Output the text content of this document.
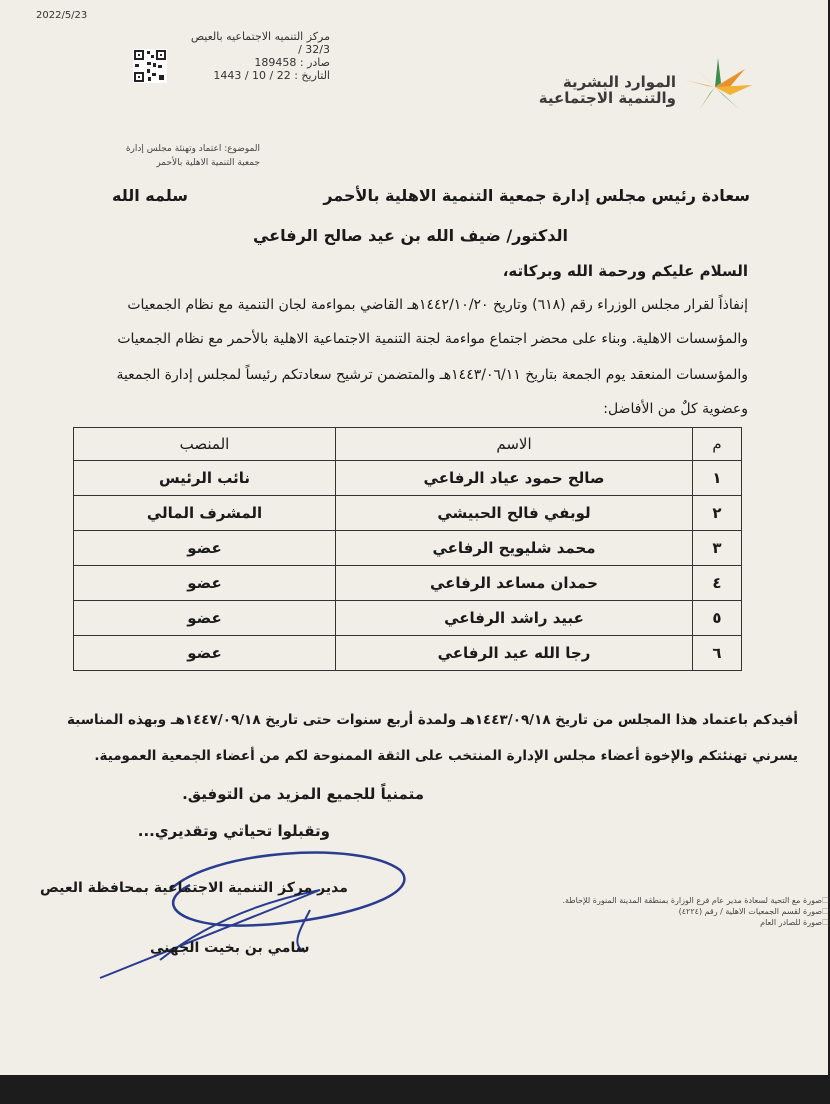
2022/5/23
مركز التنميه الاجتماعيه بالعيص
32/3 /
صادر : 189458
التاريخ : 22 / 10 / 1443	الموارد البشرية
والتنمية الاجتماعية
الموضوع: اعتماد وتهنئة مجلس إدارة
جمعية التنمية الاهلية بالأحمر
سعادة رئيس مجلس إدارة جمعية التنمية الاهلية بالأحمر
سلمه الله
الدكتور/ ضيف الله بن عيد صالح الرفاعي
السلام عليكم ورحمة الله وبركاته،
إنفاذاً لقرار مجلس الوزراء رقم (٦١٨) وتاريخ ١٤٤٢/١٠/٢٠هـ القاضي بمواءمة لجان التنمية مع نظام الجمعيات
والمؤسسات الاهلية. وبناء على محضر اجتماع مواءمة لجنة التنمية الاجتماعية الاهلية بالأحمر مع نظام الجمعيات
والمؤسسات المنعقد يوم الجمعة بتاريخ ١٤٤٣/٠٦/١١هـ والمتضمن ترشيح سعادتكم رئيساً لمجلس إدارة الجمعية
وعضوية كلٌ من الأفاضل:
م	الاسم	المنصب
١	صالح حمود عياد الرفاعي	نائب الرئيس
٢	لوبفي فالح الحبيشي	المشرف المالي
٣	محمد شليويح الرفاعي	عضو
٤	حمدان مساعد الرفاعي	عضو
٥	عبيد راشد الرفاعي	عضو
٦	رجا الله عيد الرفاعي	عضو
أفيدكم باعتماد هذا المجلس من تاريخ ١٤٤٣/٠٩/١٨هـ ولمدة أربع سنوات حتى تاريخ ١٤٤٧/٠٩/١٨هـ وبهذه المناسبة
يسرني تهنئتكم والإخوة أعضاء مجلس الإدارة المنتخب على الثقة الممنوحة لكم من أعضاء الجمعية العمومية.
متمنياً للجميع المزيد من التوفيق.
وتقبلوا تحياتي وتقديري...
مدير مركز التنمية الاجتماعية بمحافظة العيص
سامي بن بخيت الجهني
🗀
صورة مع التحية لسعادة مدير عام فرع الوزارة بمنطقة المدينة المنورة للإحاطة.
🗀
صورة لقسم الجمعيات الاهلية / رقم (٤٢٢٤)
🗀
صورة للصادر العام
